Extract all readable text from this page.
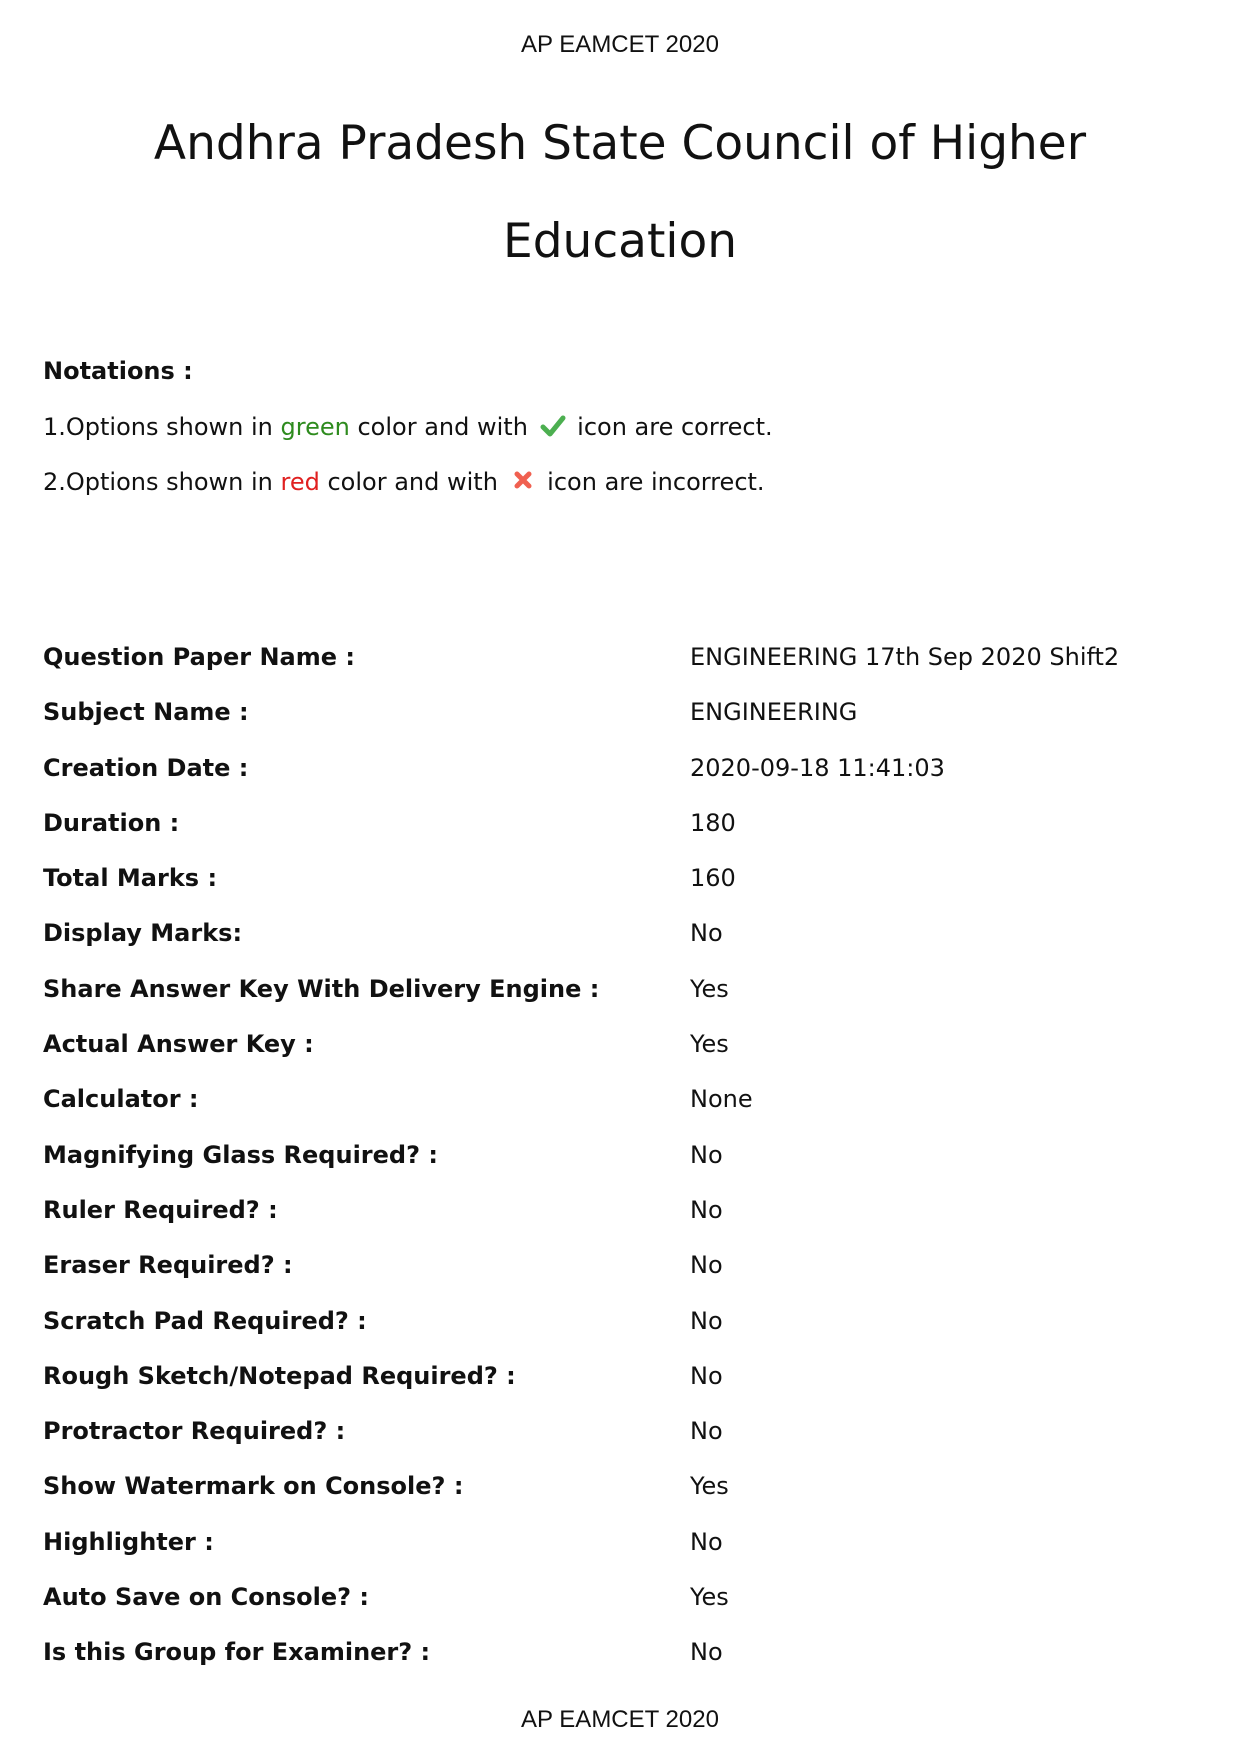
AP EAMCET 2020
Andhra Pradesh State Council of Higher
Education
Notations :
1.Options shown in green color and with
icon are correct.
2.Options shown in red color and with
icon are incorrect.
Question Paper Name :	ENGINEERING 17th Sep 2020 Shift2
Subject Name :	ENGINEERING
Creation Date :	2020-09-18 11:41:03
Duration :	180
Total Marks :	160
Display Marks:	No
Share Answer Key With Delivery Engine :	Yes
Actual Answer Key :	Yes
Calculator :	None
Magnifying Glass Required? :	No
Ruler Required? :	No
Eraser Required? :	No
Scratch Pad Required? :	No
Rough Sketch/Notepad Required? :	No
Protractor Required? :	No
Show Watermark on Console? :	Yes
Highlighter :	No
Auto Save on Console? :	Yes
Is this Group for Examiner? :	No
AP EAMCET 2020
